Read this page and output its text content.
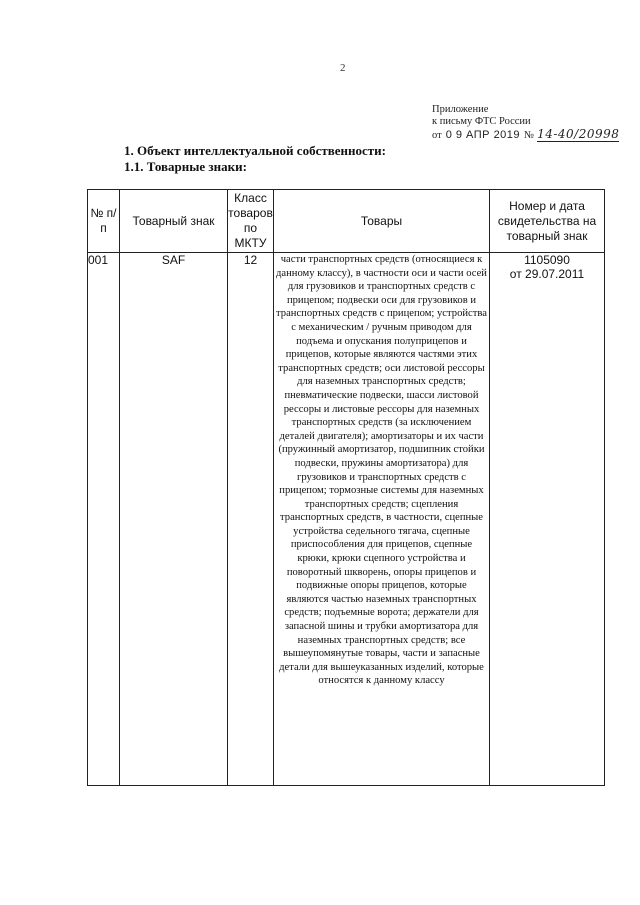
2
Приложение
к письму ФТС России
от 0 9 АПР 2019 № 14-40/20998
1. Объект интеллектуальной собственности:
1.1. Товарные знаки:
№ п/п	Товарный знак	Класс товаров по МКТУ	Товары	Номер и дата свидетельства на товарный знак
001	SAF	12	части транспортных средств (относящиеся к данному классу), в частности оси и части осей для грузовиков и транспортных средств с прицепом; подвески оси для грузовиков и транспортных средств с прицепом; устройства с механическим / ручным приводом для подъема и опускания полуприцепов и прицепов, которые являются частями этих транспортных средств; оси листовой рессоры для наземных транспортных средств; пневматические подвески, шасси листовой рессоры и листовые рессоры для наземных транспортных средств (за исключением деталей двигателя); амортизаторы и их части (пружинный амортизатор, подшипник стойки подвески, пружины амортизатора) для грузовиков и транспортных средств с прицепом; тормозные системы для наземных транспортных средств; сцепления транспортных средств, в частности, сцепные устройства седельного тягача, сцепные приспособления для прицепов, сцепные крюки, крюки сцепного устройства и поворотный шкворень, опоры прицепов и подвижные опоры прицепов, которые являются частью наземных транспортных средств; подъемные ворота; держатели для запасной шины и трубки амортизатора для наземных транспортных средств; все вышеупомянутые товары, части и запасные детали для вышеуказанных изделий, которые относятся к данному классу	1105090
от 29.07.2011
